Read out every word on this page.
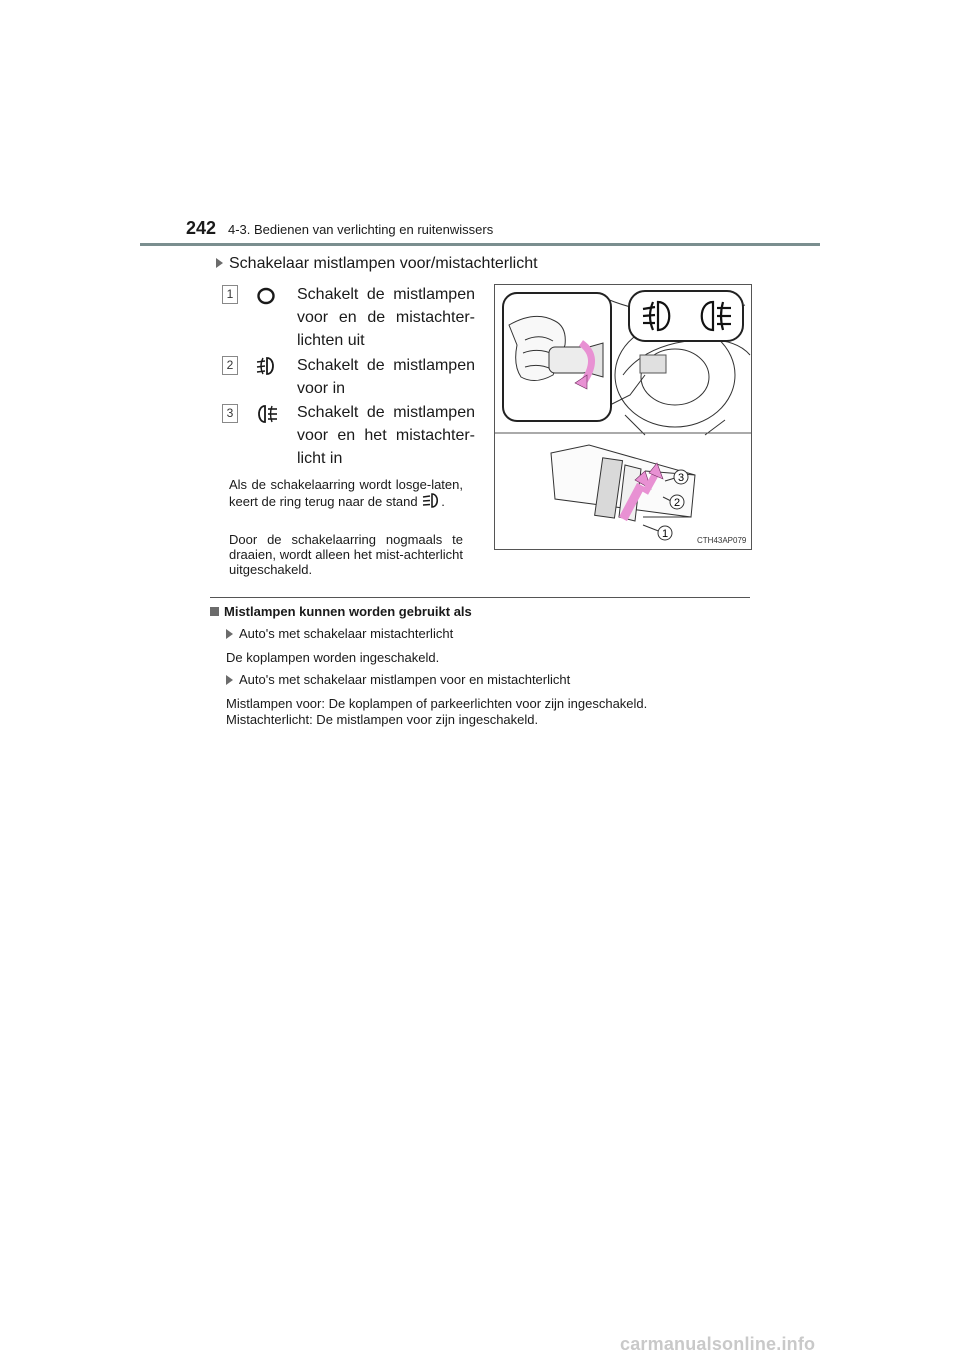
242 4-3. Bedienen van verlichting en ruitenwissers
Schakelaar mistlampen voor/mistachterlicht
1	Schakelt de mistlampen voor en de mistachter-lichten uit
2	Schakelt de mistlampen voor in
3	Schakelt de mistlampen voor en het mistachter-licht in
Als de schakelaarring wordt losge-laten, keert de ring terug naar de stand .
Door de schakelaarring nogmaals te draaien, wordt alleen het mist-achterlicht uitgeschakeld.
1
2
3
CTH43AP079
Mistlampen kunnen worden gebruikt als
Auto's met schakelaar mistachterlicht
De koplampen worden ingeschakeld.
Auto's met schakelaar mistlampen voor en mistachterlicht
Mistlampen voor: De koplampen of parkeerlichten voor zijn ingeschakeld.
Mistachterlicht: De mistlampen voor zijn ingeschakeld.
carmanualsonline.info
